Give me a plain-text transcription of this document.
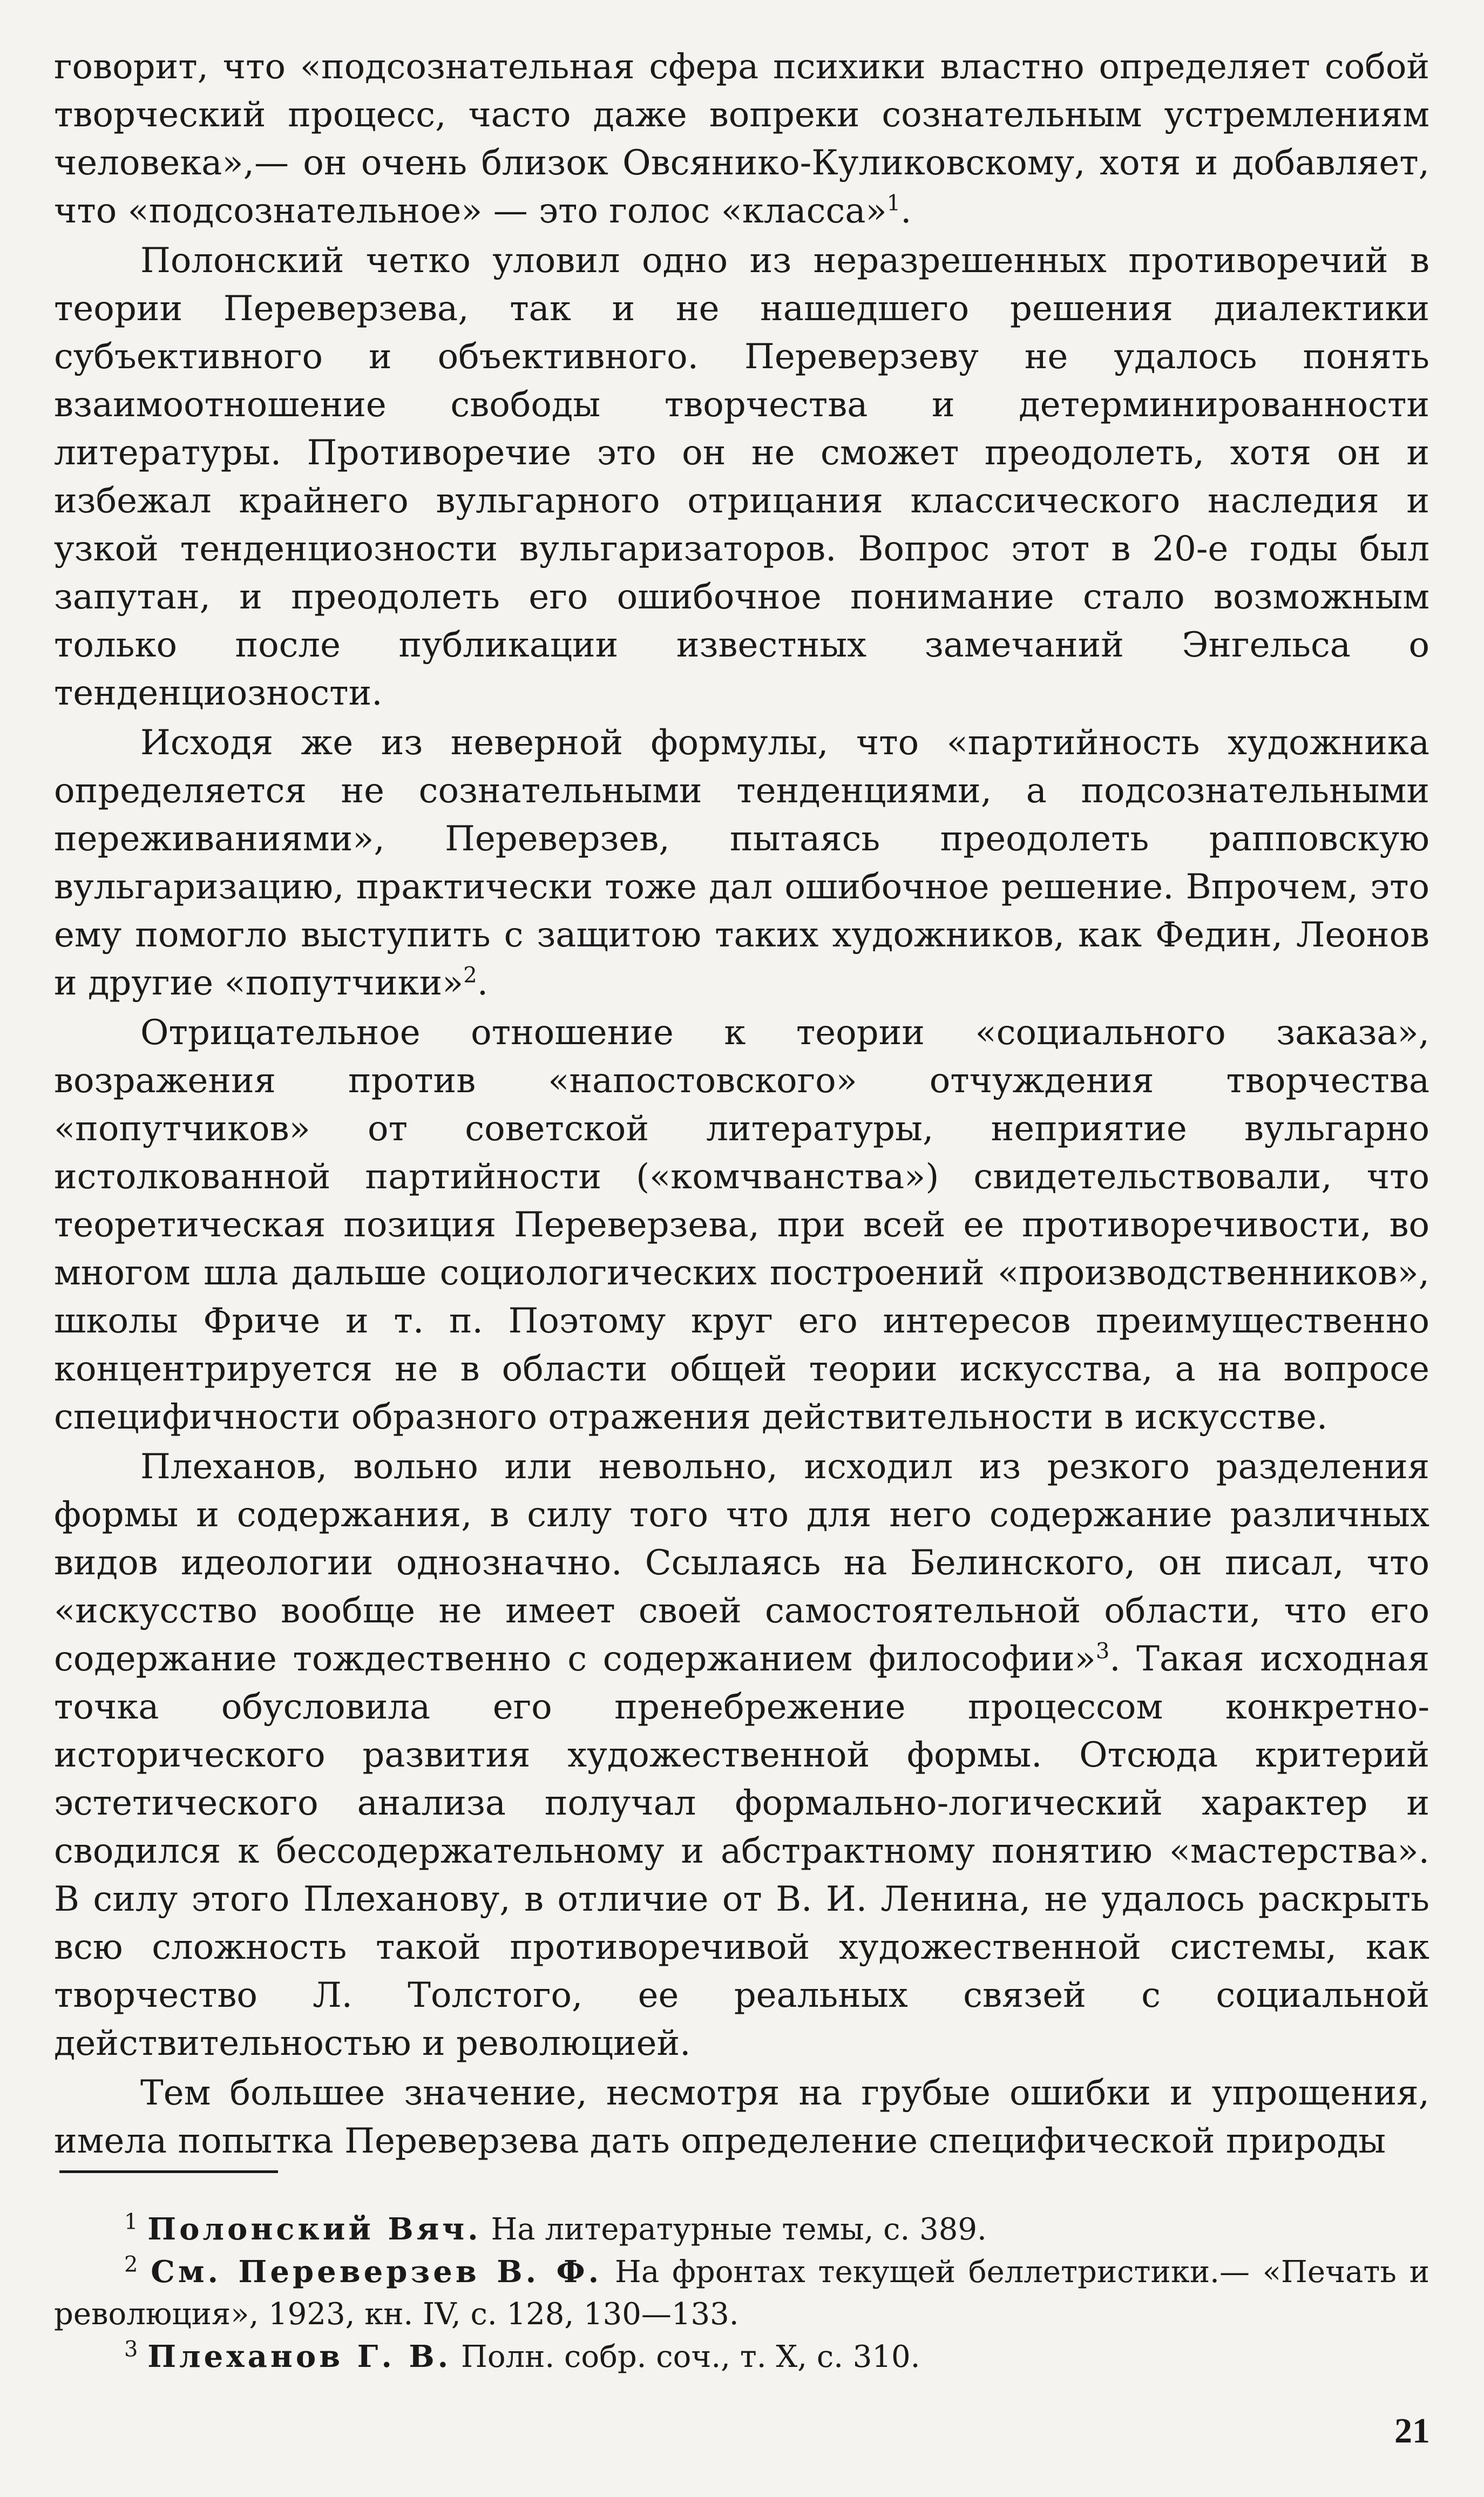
говорит, что «подсознательная сфера психики властно определяет собой творческий процесс, часто даже вопреки сознательным устремлениям человека»,— он очень близок Овсянико-Куликовскому, хотя и добавляет, что «подсознательное» — это голос «класса»$^1$.

Полонский четко уловил одно из неразрешенных противоречий в теории Переверзева, так и не нашедшего решения диалектики субъективного и объективного. Переверзеву не удалось понять взаимоотношение свободы творчества и детерминированности литературы. Противоречие это он не сможет преодолеть, хотя он и избежал крайнего вульгарного отрицания классического наследия и узкой тенденциозности вульгаризаторов. Вопрос этот в 20-е годы был запутан, и преодолеть его ошибочное понимание стало возможным только после публикации известных замечаний Энгельса о тенденциозности.

Исходя же из неверной формулы, что «партийность художника определяется не сознательными тенденциями, а подсознательными переживаниями», Переверзев, пытаясь преодолеть рапповскую вульгаризацию, практически тоже дал ошибочное решение. Впрочем, это ему помогло выступить с защитою таких художников, как Федин, Леонов и другие «попутчики»$^2$.

Отрицательное отношение к теории «социального заказа», возражения против «напостовского» отчуждения творчества «попутчиков» от советской литературы, неприятие вульгарно истолкованной партийности («комчванства») свидетельствовали, что теоретическая позиция Переверзева, при всей ее противоречивости, во многом шла дальше социологических построений «производственников», школы Фриче и т. п. Поэтому круг его интересов преимущественно концентрируется не в области общей теории искусства, а на вопросе специфичности образного отражения действительности в искусстве.

Плеханов, вольно или невольно, исходил из резкого разделения формы и содержания, в силу того что для него содержание различных видов идеологии однозначно. Ссылаясь на Белинского, он писал, что «искусство вообще не имеет своей самостоятельной области, что его содержание тождественно с содержанием философии»$^3$. Такая исходная точка обусловила его пренебрежение процессом конкретно-исторического развития художественной формы. Отсюда критерий эстетического анализа получал формально-логический характер и сводился к бессодержательному и абстрактному понятию «мастерства». В силу этого Плеханову, в отличие от В. И. Ленина, не удалось раскрыть всю сложность такой противоречивой художественной системы, как творчество Л. Толстого, ее реальных связей с социальной действительностью и революцией.

Тем большее значение, несмотря на грубые ошибки и упрощения, имела попытка Переверзева дать определение специфической природы

$^1$ Полонский Вяч. На литературные темы, с. 389.

$^2$ См. Переверзев В. Ф. На фронтах текущей беллетристики.— «Печать и революция», 1923, кн. IV, с. 128, 130—133.

$^3$ Плеханов Г. В. Полн. собр. соч., т. X, с. 310.

21
